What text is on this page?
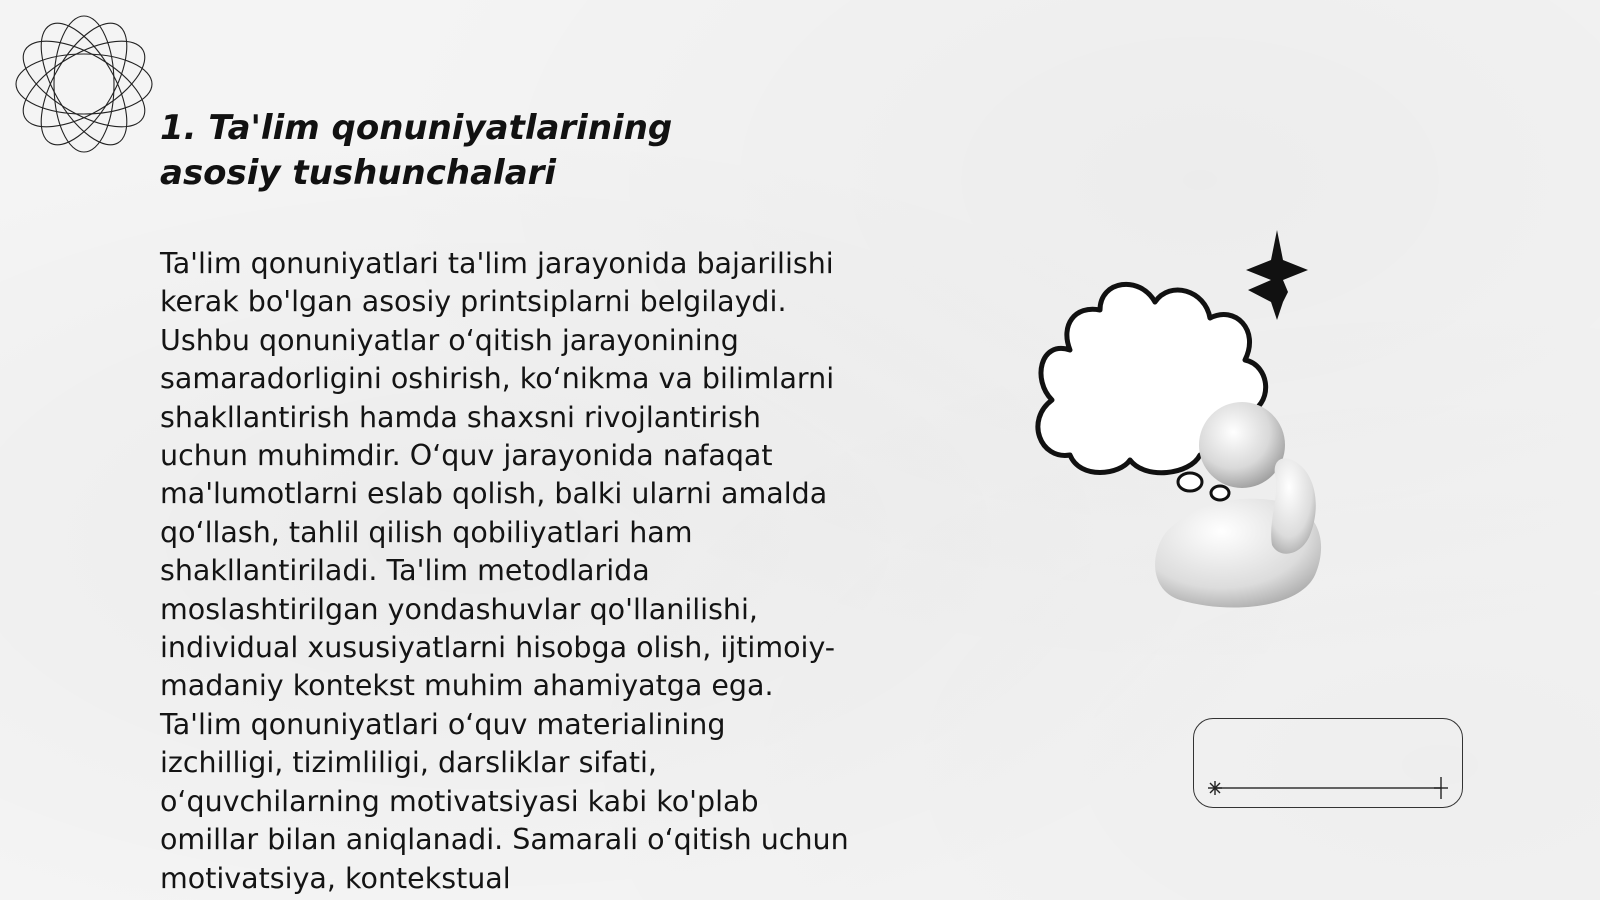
1. Ta'lim qonuniyatlarining asosiy tushunchalari

Ta'lim qonuniyatlari ta'lim jarayonida bajarilishi kerak bo'lgan asosiy printsiplarni belgilaydi. Ushbu qonuniyatlar o‘qitish jarayonining samaradorligini oshirish, ko‘nikma va bilimlarni shakllantirish hamda shaxsni rivojlantirish uchun muhimdir. O‘quv jarayonida nafaqat ma'lumotlarni eslab qolish, balki ularni amalda qo‘llash, tahlil qilish qobiliyatlari ham shakllantiriladi. Ta'lim metodlarida moslashtirilgan yondashuvlar qo'llanilishi, individual xususiyatlarni hisobga olish, ijtimoiy-madaniy kontekst muhim ahamiyatga ega. Ta'lim qonuniyatlari o‘quv materialining izchilligi, tizimliligi, darsliklar sifati, o‘quvchilarning motivatsiyasi kabi ko'plab omillar bilan aniqlanadi. Samarali o‘qitish uchun motivatsiya, kontekstual
